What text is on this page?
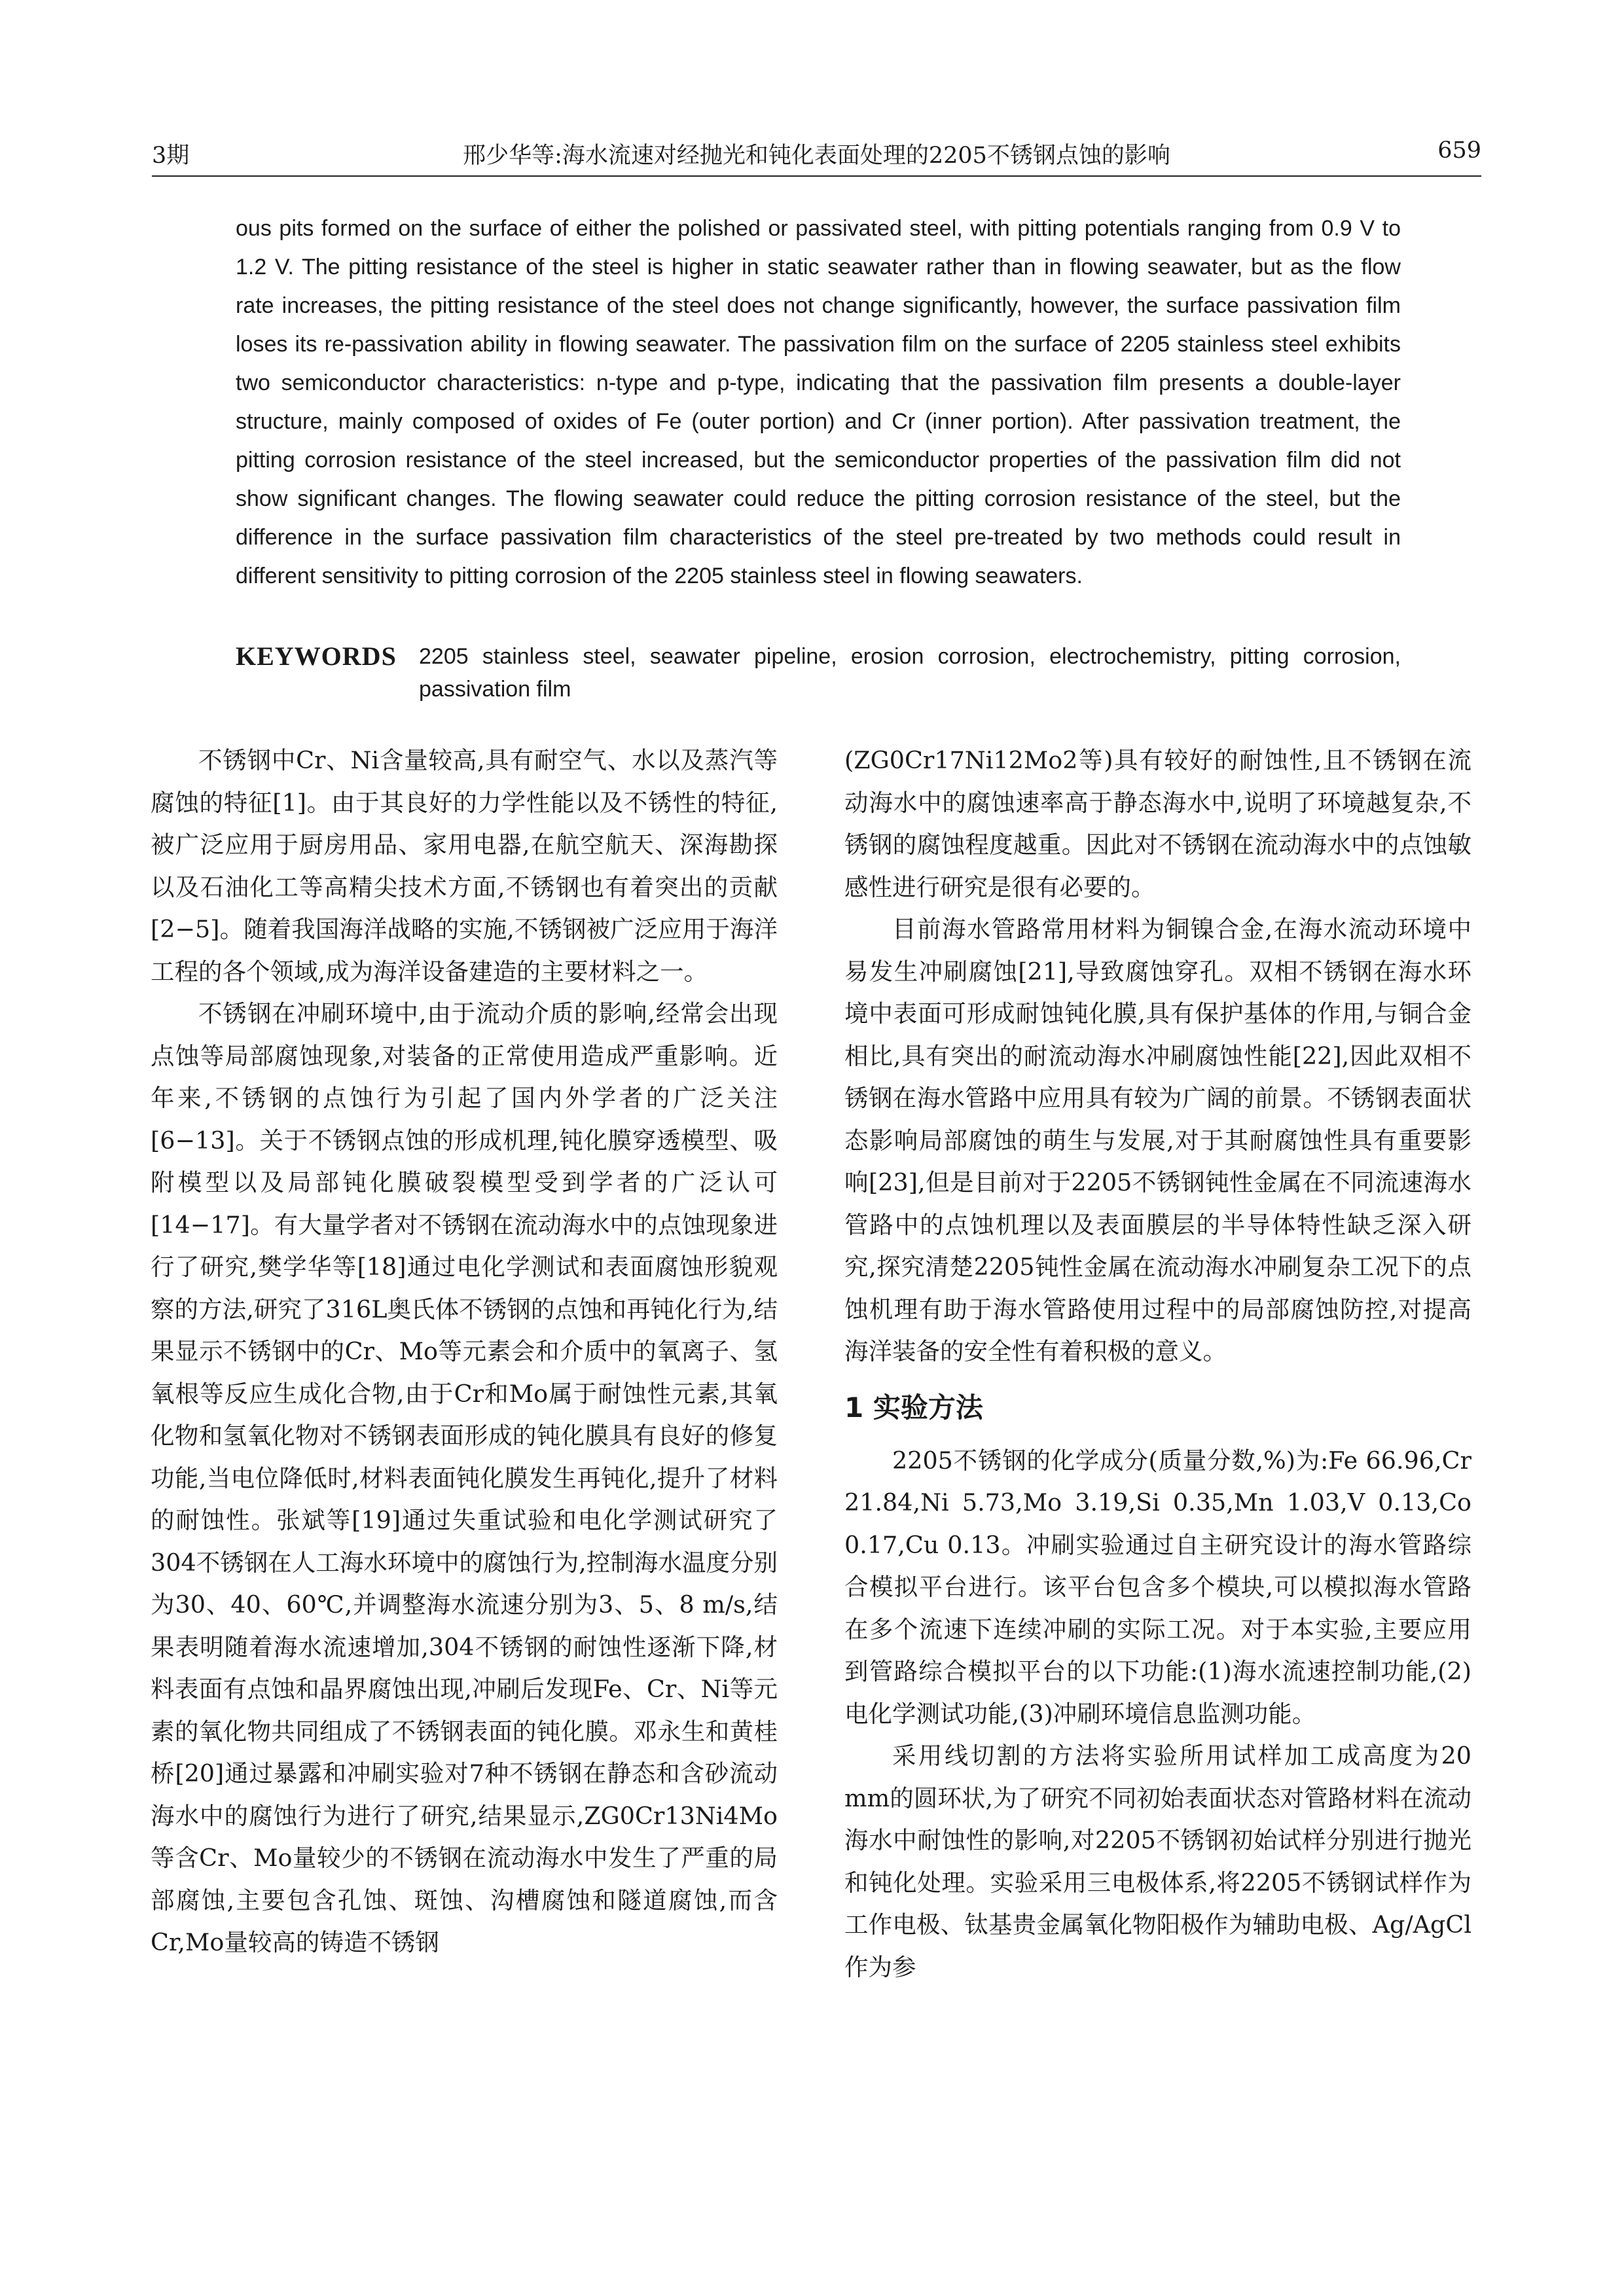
3期	邢少华等:海水流速对经抛光和钝化表面处理的2205不锈钢点蚀的影响	659
ous pits formed on the surface of either the polished or passivated steel, with pitting potentials ranging from 0.9 V to 1.2 V. The pitting resistance of the steel is higher in static seawater rather than in flowing seawater, but as the flow rate increases, the pitting resistance of the steel does not change significantly, however, the surface passivation film loses its re-passivation ability in flowing seawater. The passivation film on the surface of 2205 stainless steel exhibits two semiconductor characteristics: n-type and p-type, indicating that the passivation film presents a double-layer structure, mainly composed of oxides of Fe (outer portion) and Cr (inner portion). After passivation treatment, the pitting corrosion resistance of the steel increased, but the semiconductor properties of the passivation film did not show significant changes. The flowing seawater could reduce the pitting corrosion resistance of the steel, but the difference in the surface passivation film characteristics of the steel pre-treated by two methods could result in different sensitivity to pitting corrosion of the 2205 stainless steel in flowing seawaters.
KEYWORDS 2205 stainless steel, seawater pipeline, erosion corrosion, electrochemistry, pitting corrosion, passivation film

不锈钢中Cr、Ni含量较高,具有耐空气、水以及蒸汽等腐蚀的特征[1]。由于其良好的力学性能以及不锈性的特征,被广泛应用于厨房用品、家用电器,在航空航天、深海勘探以及石油化工等高精尖技术方面,不锈钢也有着突出的贡献[2−5]。随着我国海洋战略的实施,不锈钢被广泛应用于海洋工程的各个领域,成为海洋设备建造的主要材料之一。

不锈钢在冲刷环境中,由于流动介质的影响,经常会出现点蚀等局部腐蚀现象,对装备的正常使用造成严重影响。近年来,不锈钢的点蚀行为引起了国内外学者的广泛关注[6−13]。关于不锈钢点蚀的形成机理,钝化膜穿透模型、吸附模型以及局部钝化膜破裂模型受到学者的广泛认可[14−17]。有大量学者对不锈钢在流动海水中的点蚀现象进行了研究,樊学华等[18]通过电化学测试和表面腐蚀形貌观察的方法,研究了316L奥氏体不锈钢的点蚀和再钝化行为,结果显示不锈钢中的Cr、Mo等元素会和介质中的氧离子、氢氧根等反应生成化合物,由于Cr和Mo属于耐蚀性元素,其氧化物和氢氧化物对不锈钢表面形成的钝化膜具有良好的修复功能,当电位降低时,材料表面钝化膜发生再钝化,提升了材料的耐蚀性。张斌等[19]通过失重试验和电化学测试研究了304不锈钢在人工海水环境中的腐蚀行为,控制海水温度分别为30、40、60℃,并调整海水流速分别为3、5、8 m/s,结果表明随着海水流速增加,304不锈钢的耐蚀性逐渐下降,材料表面有点蚀和晶界腐蚀出现,冲刷后发现Fe、Cr、Ni等元素的氧化物共同组成了不锈钢表面的钝化膜。邓永生和黄桂桥[20]通过暴露和冲刷实验对7种不锈钢在静态和含砂流动海水中的腐蚀行为进行了研究,结果显示,ZG0Cr13Ni4Mo等含Cr、Mo量较少的不锈钢在流动海水中发生了严重的局部腐蚀,主要包含孔蚀、斑蚀、沟槽腐蚀和隧道腐蚀,而含Cr,Mo量较高的铸造不锈钢

(ZG0Cr17Ni12Mo2等)具有较好的耐蚀性,且不锈钢在流动海水中的腐蚀速率高于静态海水中,说明了环境越复杂,不锈钢的腐蚀程度越重。因此对不锈钢在流动海水中的点蚀敏感性进行研究是很有必要的。

目前海水管路常用材料为铜镍合金,在海水流动环境中易发生冲刷腐蚀[21],导致腐蚀穿孔。双相不锈钢在海水环境中表面可形成耐蚀钝化膜,具有保护基体的作用,与铜合金相比,具有突出的耐流动海水冲刷腐蚀性能[22],因此双相不锈钢在海水管路中应用具有较为广阔的前景。不锈钢表面状态影响局部腐蚀的萌生与发展,对于其耐腐蚀性具有重要影响[23],但是目前对于2205不锈钢钝性金属在不同流速海水管路中的点蚀机理以及表面膜层的半导体特性缺乏深入研究,探究清楚2205钝性金属在流动海水冲刷复杂工况下的点蚀机理有助于海水管路使用过程中的局部腐蚀防控,对提高海洋装备的安全性有着积极的意义。

1 实验方法

2205不锈钢的化学成分(质量分数,%)为:Fe 66.96,Cr 21.84,Ni 5.73,Mo 3.19,Si 0.35,Mn 1.03,V 0.13,Co 0.17,Cu 0.13。冲刷实验通过自主研究设计的海水管路综合模拟平台进行。该平台包含多个模块,可以模拟海水管路在多个流速下连续冲刷的实际工况。对于本实验,主要应用到管路综合模拟平台的以下功能:(1)海水流速控制功能,(2)电化学测试功能,(3)冲刷环境信息监测功能。

采用线切割的方法将实验所用试样加工成高度为20 mm的圆环状,为了研究不同初始表面状态对管路材料在流动海水中耐蚀性的影响,对2205不锈钢初始试样分别进行抛光和钝化处理。实验采用三电极体系,将2205不锈钢试样作为工作电极、钛基贵金属氧化物阳极作为辅助电极、Ag/AgCl作为参
